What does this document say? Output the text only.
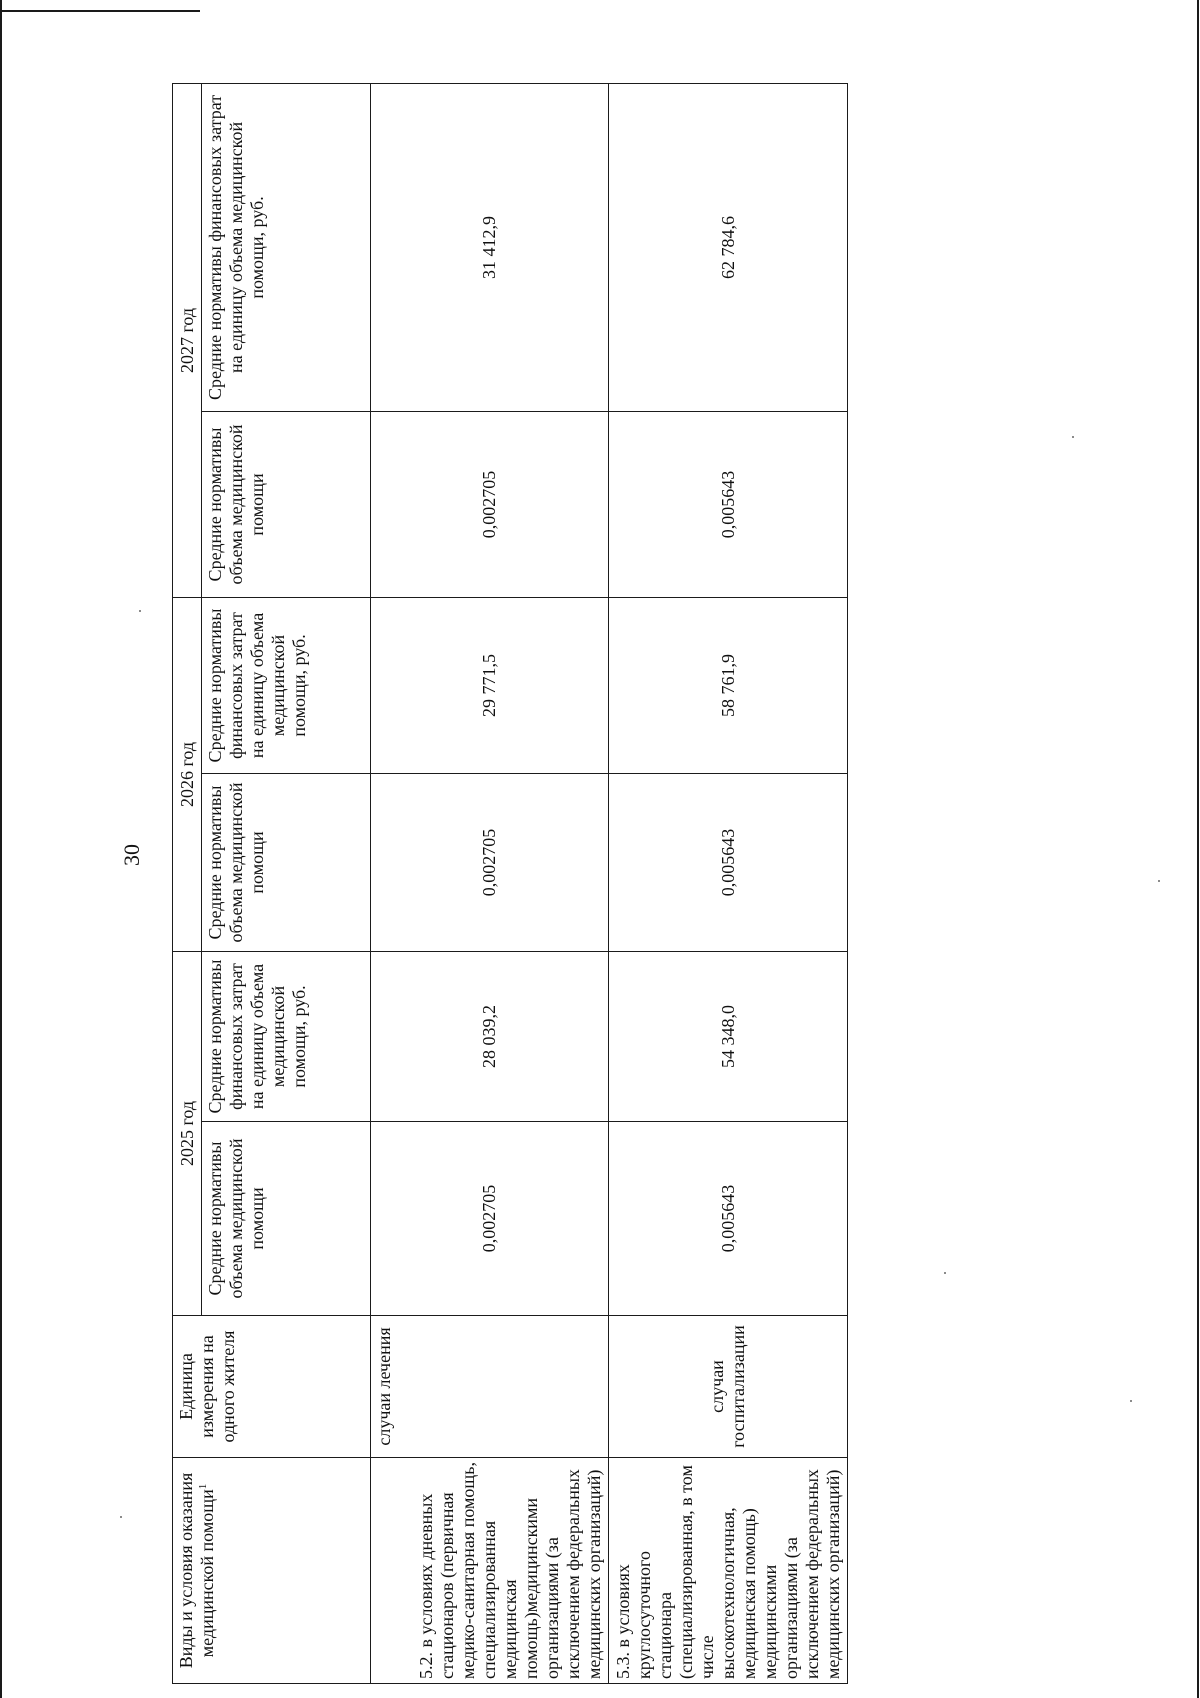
30
Виды и условия оказания медицинской помощи$^1$	Единица измерения на одного жителя	2025 год		2026 год		2027 год	
		Средние нормативы объема медицинской помощи	Средние нормативы финансовых затрат на единицу объема медицинской помощи, руб.	Средние нормативы объема медицинской помощи	Средние нормативы финансовых затрат на единицу объема медицинской помощи, руб.	Средние нормативы объема медицинской помощи	Средние нормативы финансовых затрат на единицу объема медицинской помощи, руб.
5.2. в условиях дневных стационаров (первичная медико-санитарная помощь, специализированная медицинская помощь)медицинскими организациями (за исключением федеральных медицинских организаций)	случаи лечения	0,002705	28 039,2	0,002705	29 771,5	0,002705	31 412,9
5.3. в условиях круглосуточного стационара (специализированная, в том числе высокотехнологичная, медицинская помощь) медицинскими организациями (за исключением федеральных медицинских организаций)	случаи госпитализации	0,005643	54 348,0	0,005643	58 761,9	0,005643	62 784,6
